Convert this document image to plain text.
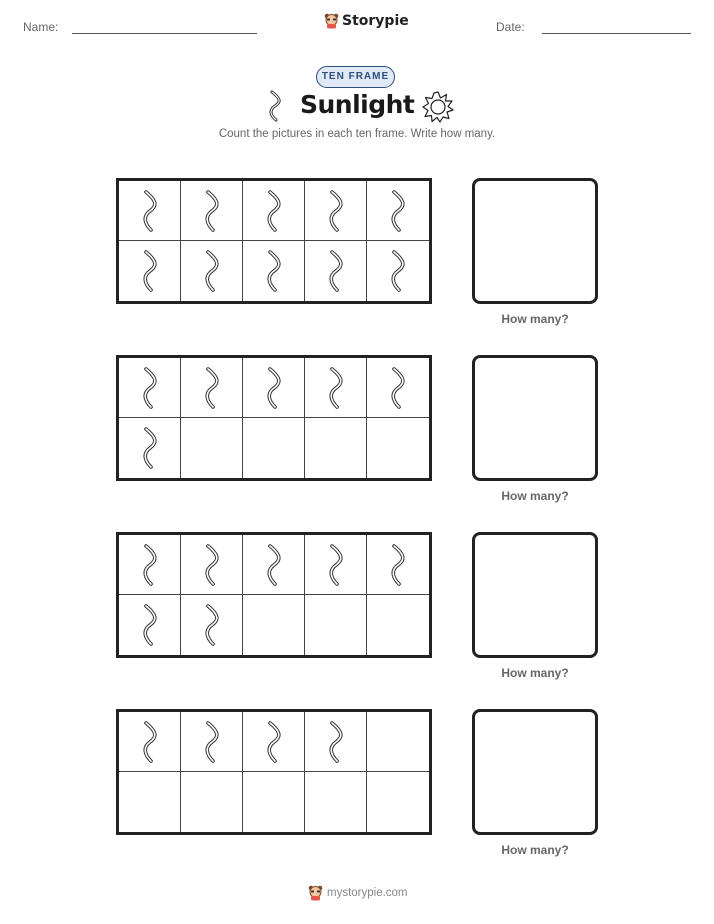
Name:	Storypie	Date:
TEN FRAME
Sunlight
Count the pictures in each ten frame. Write how many.
How many?
How many?
How many?
How many?
mystorypie.com
